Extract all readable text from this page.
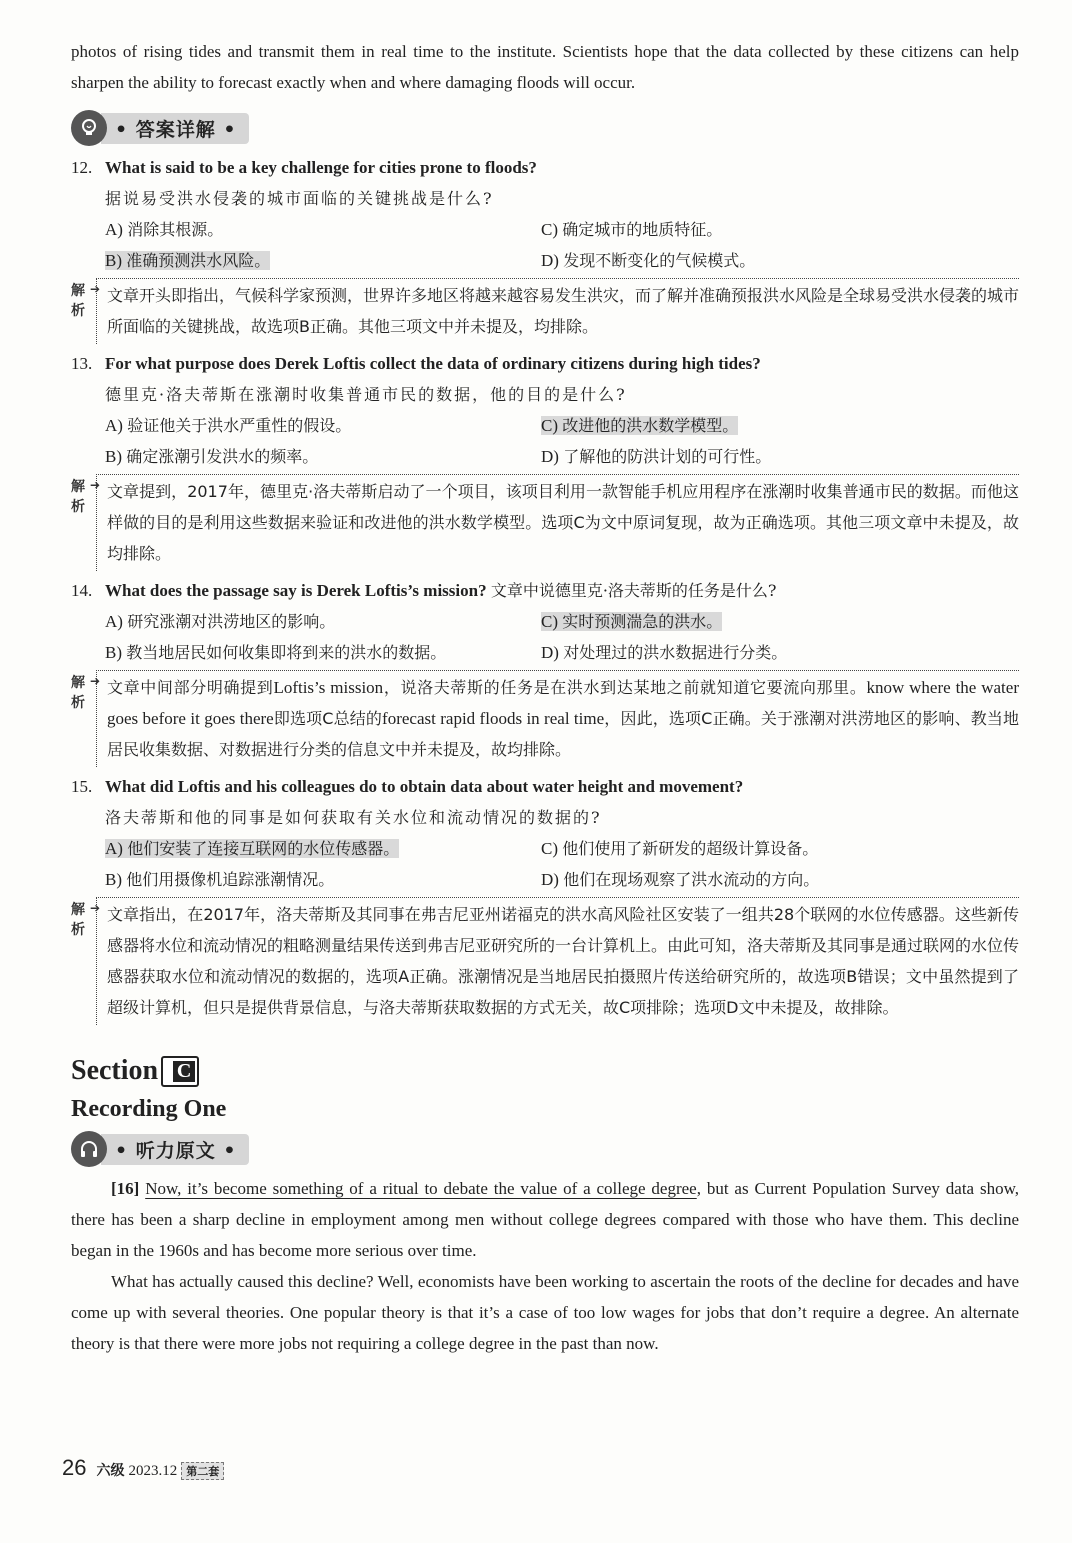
photos of rising tides and transmit them in real time to the institute. Scientists hope that the data collected by these citizens can help sharpen the ability to forecast exactly when and where damaging floods will occur.

• 答案详解 •
12. What is said to be a key challenge for cities prone to floods?
据说易受洪水侵袭的城市面临的关键挑战是什么?
A) 消除其根源。	C) 确定城市的地质特征。
B) 准确预测洪水风险。	D) 发现不断变化的气候模式。
解析
➔ 文章开头即指出，气候科学家预测，世界许多地区将越来越容易发生洪灾，而了解并准确预报洪水风险是全球易受洪水侵袭的城市所面临的关键挑战，故选项B正确。其他三项文中并未提及，均排除。
13. For what purpose does Derek Loftis collect the data of ordinary citizens during high tides?
德里克·洛夫蒂斯在涨潮时收集普通市民的数据，他的目的是什么?
A) 验证他关于洪水严重性的假设。	C) 改进他的洪水数学模型。
B) 确定涨潮引发洪水的频率。	D) 了解他的防洪计划的可行性。
解析
➔ 文章提到，2017年，德里克·洛夫蒂斯启动了一个项目，该项目利用一款智能手机应用程序在涨潮时收集普通市民的数据。而他这样做的目的是利用这些数据来验证和改进他的洪水数学模型。选项C为文中原词复现，故为正确选项。其他三项文章中未提及，故均排除。
14. What does the passage say is Derek Loftis’s mission? 文章中说德里克·洛夫蒂斯的任务是什么?
A) 研究涨潮对洪涝地区的影响。	C) 实时预测湍急的洪水。
B) 教当地居民如何收集即将到来的洪水的数据。	D) 对处理过的洪水数据进行分类。
解析
➔ 文章中间部分明确提到Loftis’s mission，说洛夫蒂斯的任务是在洪水到达某地之前就知道它要流向那里。know where the water goes before it goes there即选项C总结的forecast rapid floods in real time，因此，选项C正确。关于涨潮对洪涝地区的影响、教当地居民收集数据、对数据进行分类的信息文中并未提及，故均排除。
15. What did Loftis and his colleagues do to obtain data about water height and movement?
洛夫蒂斯和他的同事是如何获取有关水位和流动情况的数据的?
A) 他们安装了连接互联网的水位传感器。	C) 他们使用了新研发的超级计算设备。
B) 他们用摄像机追踪涨潮情况。	D) 他们在现场观察了洪水流动的方向。
解析
➔ 文章指出，在2017年，洛夫蒂斯及其同事在弗吉尼亚州诺福克的洪水高风险社区安装了一组共28个联网的水位传感器。这些新传感器将水位和流动情况的粗略测量结果传送到弗吉尼亚研究所的一台计算机上。由此可知，洛夫蒂斯及其同事是通过联网的水位传感器获取水位和流动情况的数据的，选项A正确。涨潮情况是当地居民拍摄照片传送给研究所的，故选项B错误；文中虽然提到了超级计算机，但只是提供背景信息，与洛夫蒂斯获取数据的方式无关，故C项排除；选项D文中未提及，故排除。
Section C
Recording One
• 听力原文 •

[16] Now, it’s become something of a ritual to debate the value of a college degree, but as Current Population Survey data show, there has been a sharp decline in employment among men without college degrees compared with those who have them. This decline began in the 1960s and has become more serious over time.

What has actually caused this decline? Well, economists have been working to ascertain the roots of the decline for decades and have come up with several theories. One popular theory is that it’s a case of too low wages for jobs that don’t require a degree. An alternate theory is that there were more jobs not requiring a college degree in the past than now.

26 六级 2023.12 第二套
